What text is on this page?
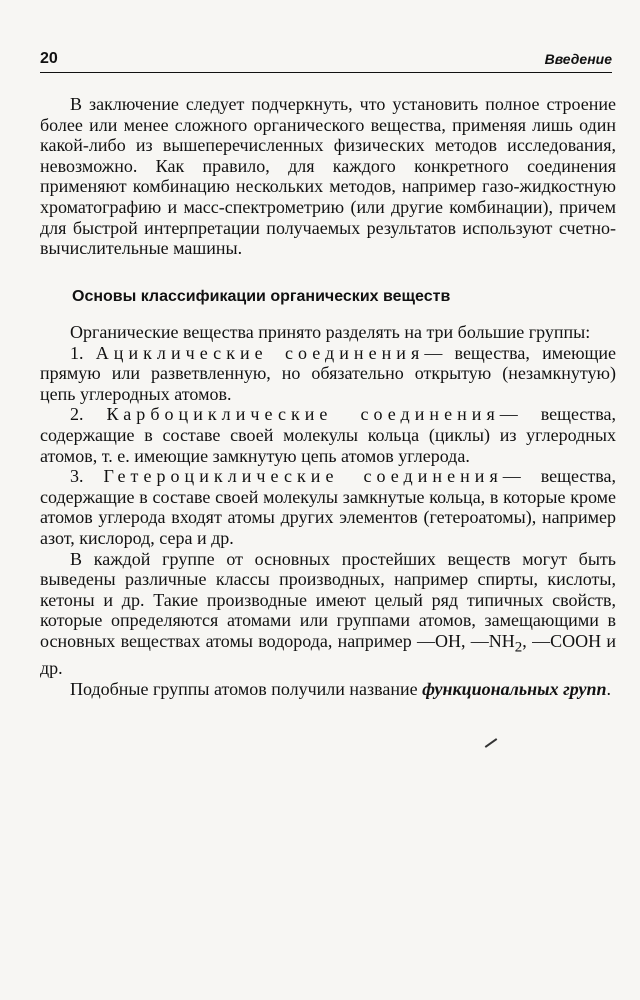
20	Введение

В заключение следует подчеркнуть, что установить полное строение более или менее сложного органического вещества, применяя лишь один какой-либо из вышеперечисленных физических методов исследования, невозможно. Как правило, для каждого конкретного соединения применяют комбинацию нескольких методов, например газо-жидкостную хроматографию и масс-спектрометрию (или другие комбинации), причем для быстрой интерпретации получаемых результатов используют счетно-вычислительные машины.

Основы классификации органических веществ

Органические вещества принято разделять на три большие группы:

1. Ациклические соединения— вещества, имеющие прямую или разветвленную, но обязательно открытую (незамкнутую) цепь углеродных атомов.

2. Карбоциклические соединения— вещества, содержащие в составе своей молекулы кольца (циклы) из углеродных атомов, т. е. имеющие замкнутую цепь атомов углерода.

3. Гетероциклические соединения— вещества, содержащие в составе своей молекулы замкнутые кольца, в которые кроме атомов углерода входят атомы других элементов (гетероатомы), например азот, кислород, сера и др.

В каждой группе от основных простейших веществ могут быть выведены различные классы производных, например спирты, кислоты, кетоны и др. Такие производные имеют целый ряд типичных свойств, которые определяются атомами или группами атомов, замещающими в основных веществах атомы водорода, например —OH, $—NH_2$, —COOH и др.

Подобные группы атомов получили название функциональных групп.
